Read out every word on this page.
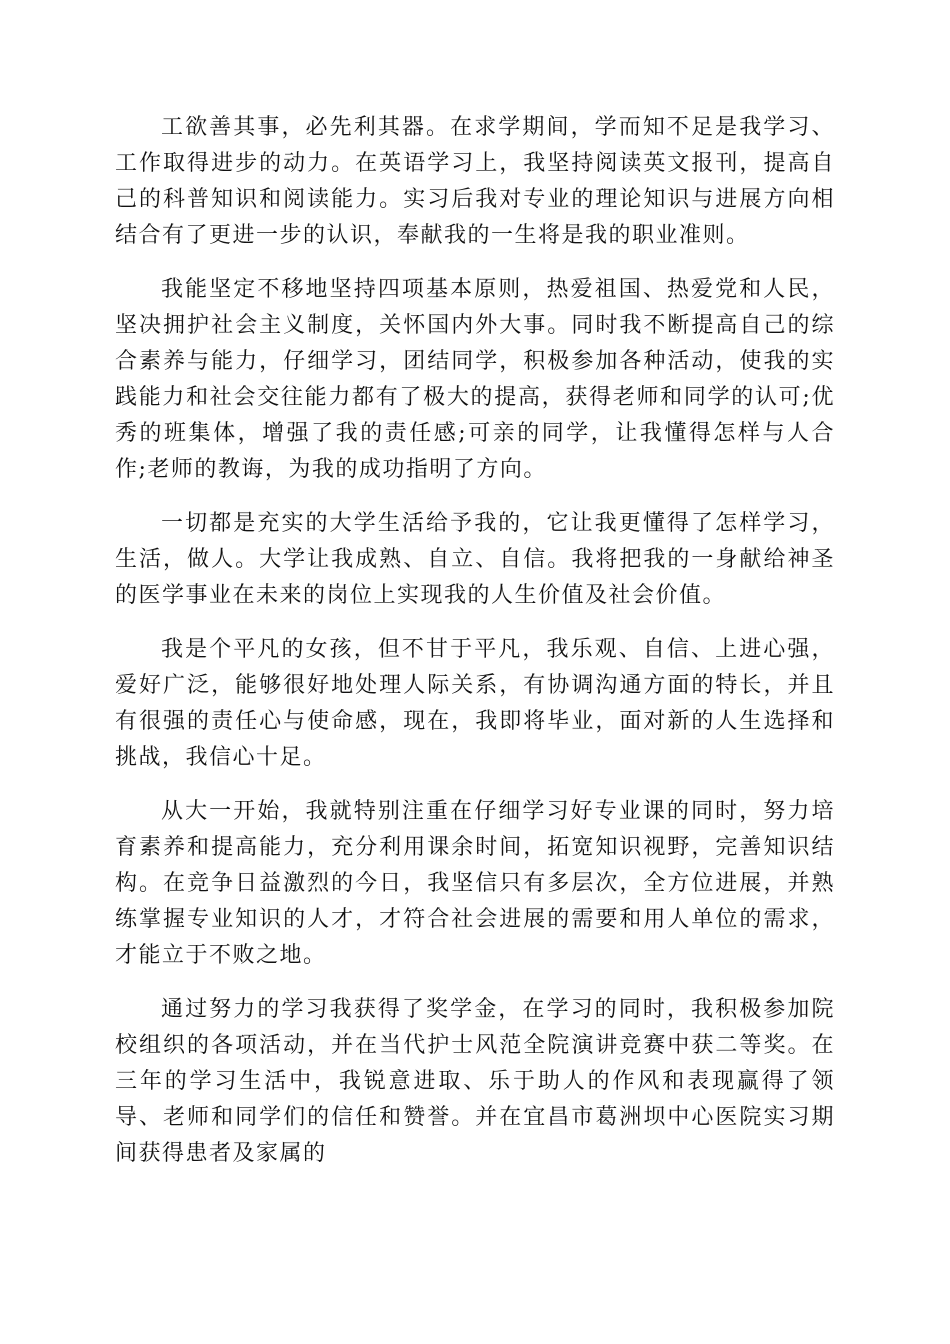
工欲善其事，必先利其器。在求学期间，学而知不足是我学习、工作取得进步的动力。在英语学习上，我坚持阅读英文报刊，提高自己的科普知识和阅读能力。实习后我对专业的理论知识与进展方向相结合有了更进一步的认识，奉献我的一生将是我的职业准则。

我能坚定不移地坚持四项基本原则，热爱祖国、热爱党和人民，坚决拥护社会主义制度，关怀国内外大事。同时我不断提高自己的综合素养与能力，仔细学习，团结同学，积极参加各种活动，使我的实践能力和社会交往能力都有了极大的提高，获得老师和同学的认可;优秀的班集体，增强了我的责任感;可亲的同学，让我懂得怎样与人合作;老师的教诲，为我的成功指明了方向。

一切都是充实的大学生活给予我的，它让我更懂得了怎样学习，生活，做人。大学让我成熟、自立、自信。我将把我的一身献给神圣的医学事业在未来的岗位上实现我的人生价值及社会价值。

我是个平凡的女孩，但不甘于平凡，我乐观、自信、上进心强，爱好广泛，能够很好地处理人际关系，有协调沟通方面的特长，并且有很强的责任心与使命感，现在，我即将毕业，面对新的人生选择和挑战，我信心十足。

从大一开始，我就特别注重在仔细学习好专业课的同时，努力培育素养和提高能力，充分利用课余时间，拓宽知识视野，完善知识结构。在竞争日益激烈的今日，我坚信只有多层次，全方位进展，并熟练掌握专业知识的人才，才符合社会进展的需要和用人单位的需求，才能立于不败之地。

通过努力的学习我获得了奖学金，在学习的同时，我积极参加院校组织的各项活动，并在当代护士风范全院演讲竞赛中获二等奖。在三年的学习生活中，我锐意进取、乐于助人的作风和表现赢得了领导、老师和同学们的信任和赞誉。并在宜昌市葛洲坝中心医院实习期间获得患者及家属的
